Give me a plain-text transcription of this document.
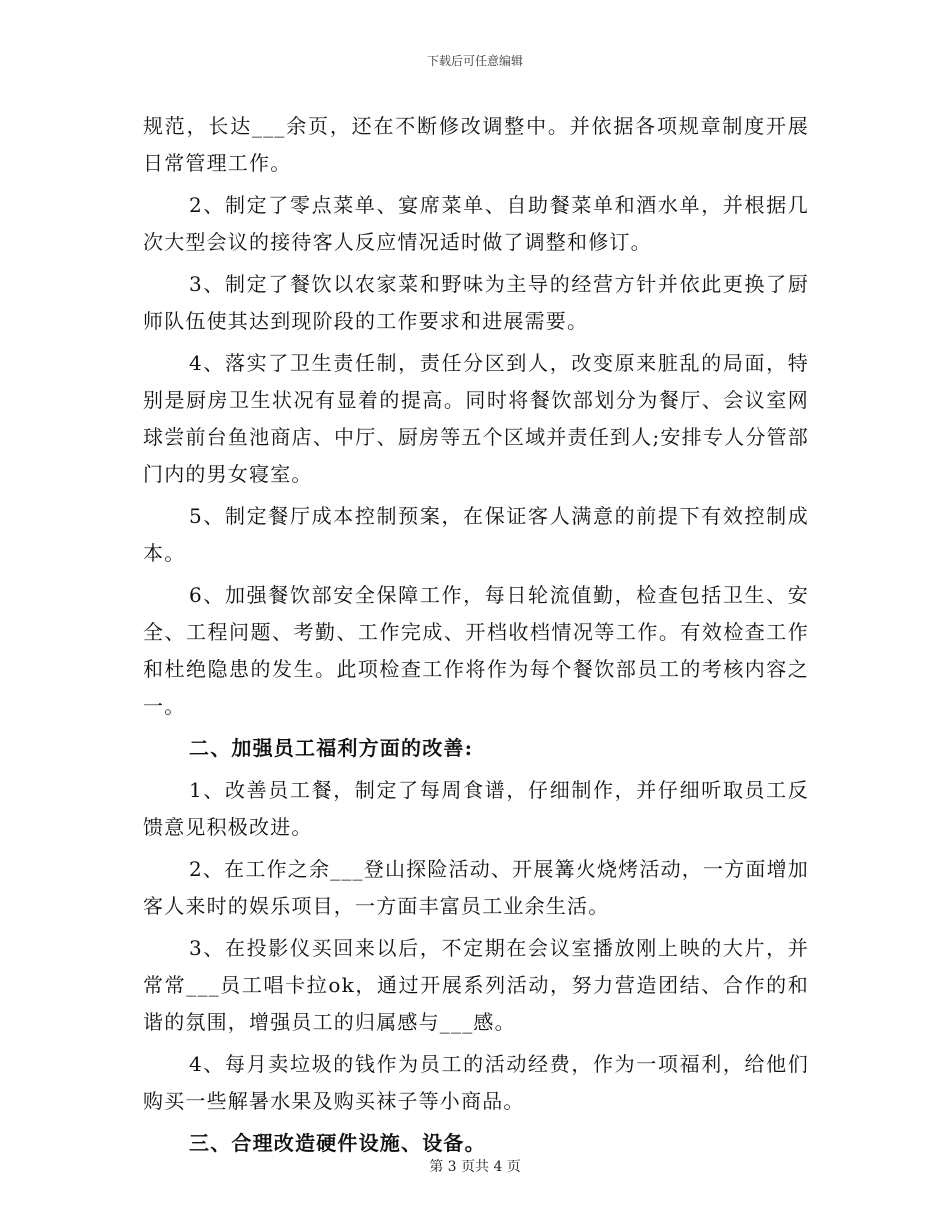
下载后可任意编辑

规范，长达___余页，还在不断修改调整中。并依据各项规章制度开展日常管理工作。

2、制定了零点菜单、宴席菜单、自助餐菜单和酒水单，并根据几次大型会议的接待客人反应情况适时做了调整和修订。

3、制定了餐饮以农家菜和野味为主导的经营方针并依此更换了厨师队伍使其达到现阶段的工作要求和进展需要。

4、落实了卫生责任制，责任分区到人，改变原来脏乱的局面，特别是厨房卫生状况有显着的提高。同时将餐饮部划分为餐厅、会议室网球尝前台鱼池商店、中厅、厨房等五个区域并责任到人;安排专人分管部门内的男女寝室。

5、制定餐厅成本控制预案，在保证客人满意的前提下有效控制成本。

6、加强餐饮部安全保障工作，每日轮流值勤，检查包括卫生、安全、工程问题、考勤、工作完成、开档收档情况等工作。有效检查工作和杜绝隐患的发生。此项检查工作将作为每个餐饮部员工的考核内容之一。

二、加强员工福利方面的改善:

1、改善员工餐，制定了每周食谱，仔细制作，并仔细听取员工反馈意见积极改进。

2、在工作之余___登山探险活动、开展篝火烧烤活动，一方面增加客人来时的娱乐项目，一方面丰富员工业余生活。

3、在投影仪买回来以后，不定期在会议室播放刚上映的大片，并常常___员工唱卡拉ok，通过开展系列活动，努力营造团结、合作的和谐的氛围，增强员工的归属感与___感。

4、每月卖垃圾的钱作为员工的活动经费，作为一项福利，给他们购买一些解暑水果及购买袜子等小商品。

三、合理改造硬件设施、设备。

第 3 页共 4 页
